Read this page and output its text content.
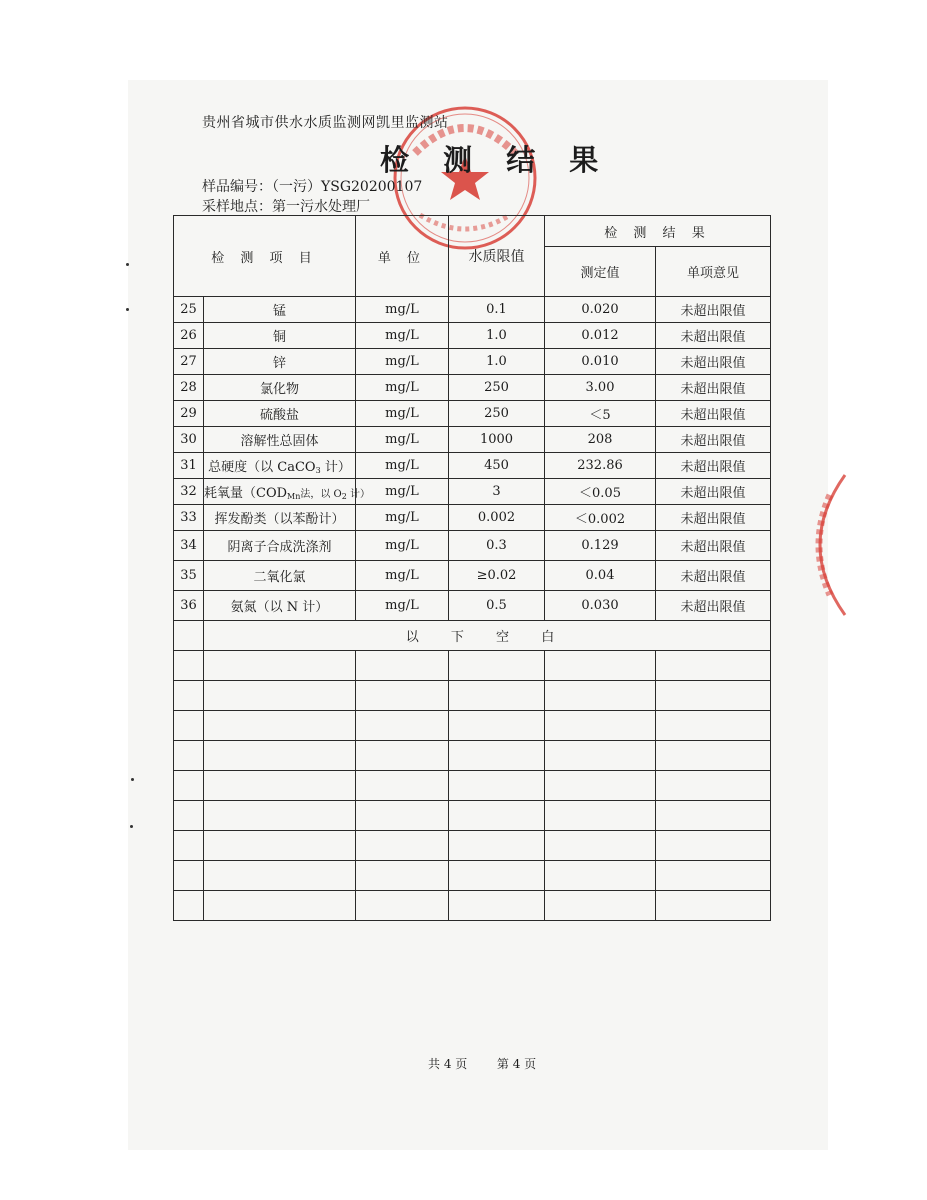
贵州省城市供水水质监测网凯里监测站
检 测 结 果
样品编号：（一污）YSG20200107
采样地点：第一污水处理厂
检 测 项 目		单 位	水质限值	检 测 结 果	
				测定值	单项意见
25	锰	mg/L	0.1	0.020	未超出限值
26	铜	mg/L	1.0	0.012	未超出限值
27	锌	mg/L	1.0	0.010	未超出限值
28	氯化物	mg/L	250	3.00	未超出限值
29	硫酸盐	mg/L	250	＜5	未超出限值
30	溶解性总固体	mg/L	1000	208	未超出限值
31	总硬度（以 CaCO$_3$ 计）	mg/L	450	232.86	未超出限值
32	耗氧量（$COD_{Mn}$法，以 $O_2$ 计）	mg/L	3	＜0.05	未超出限值
33	挥发酚类（以苯酚计）	mg/L	0.002	＜0.002	未超出限值
34	阴离子合成洗涤剂	mg/L	0.3	0.129	未超出限值
35	二氧化氯	mg/L	≥0.02	0.04	未超出限值
36	氨氮（以 N 计）	mg/L	0.5	0.030	未超出限值
	以 下 空 白				

共 4 页 第 4 页
